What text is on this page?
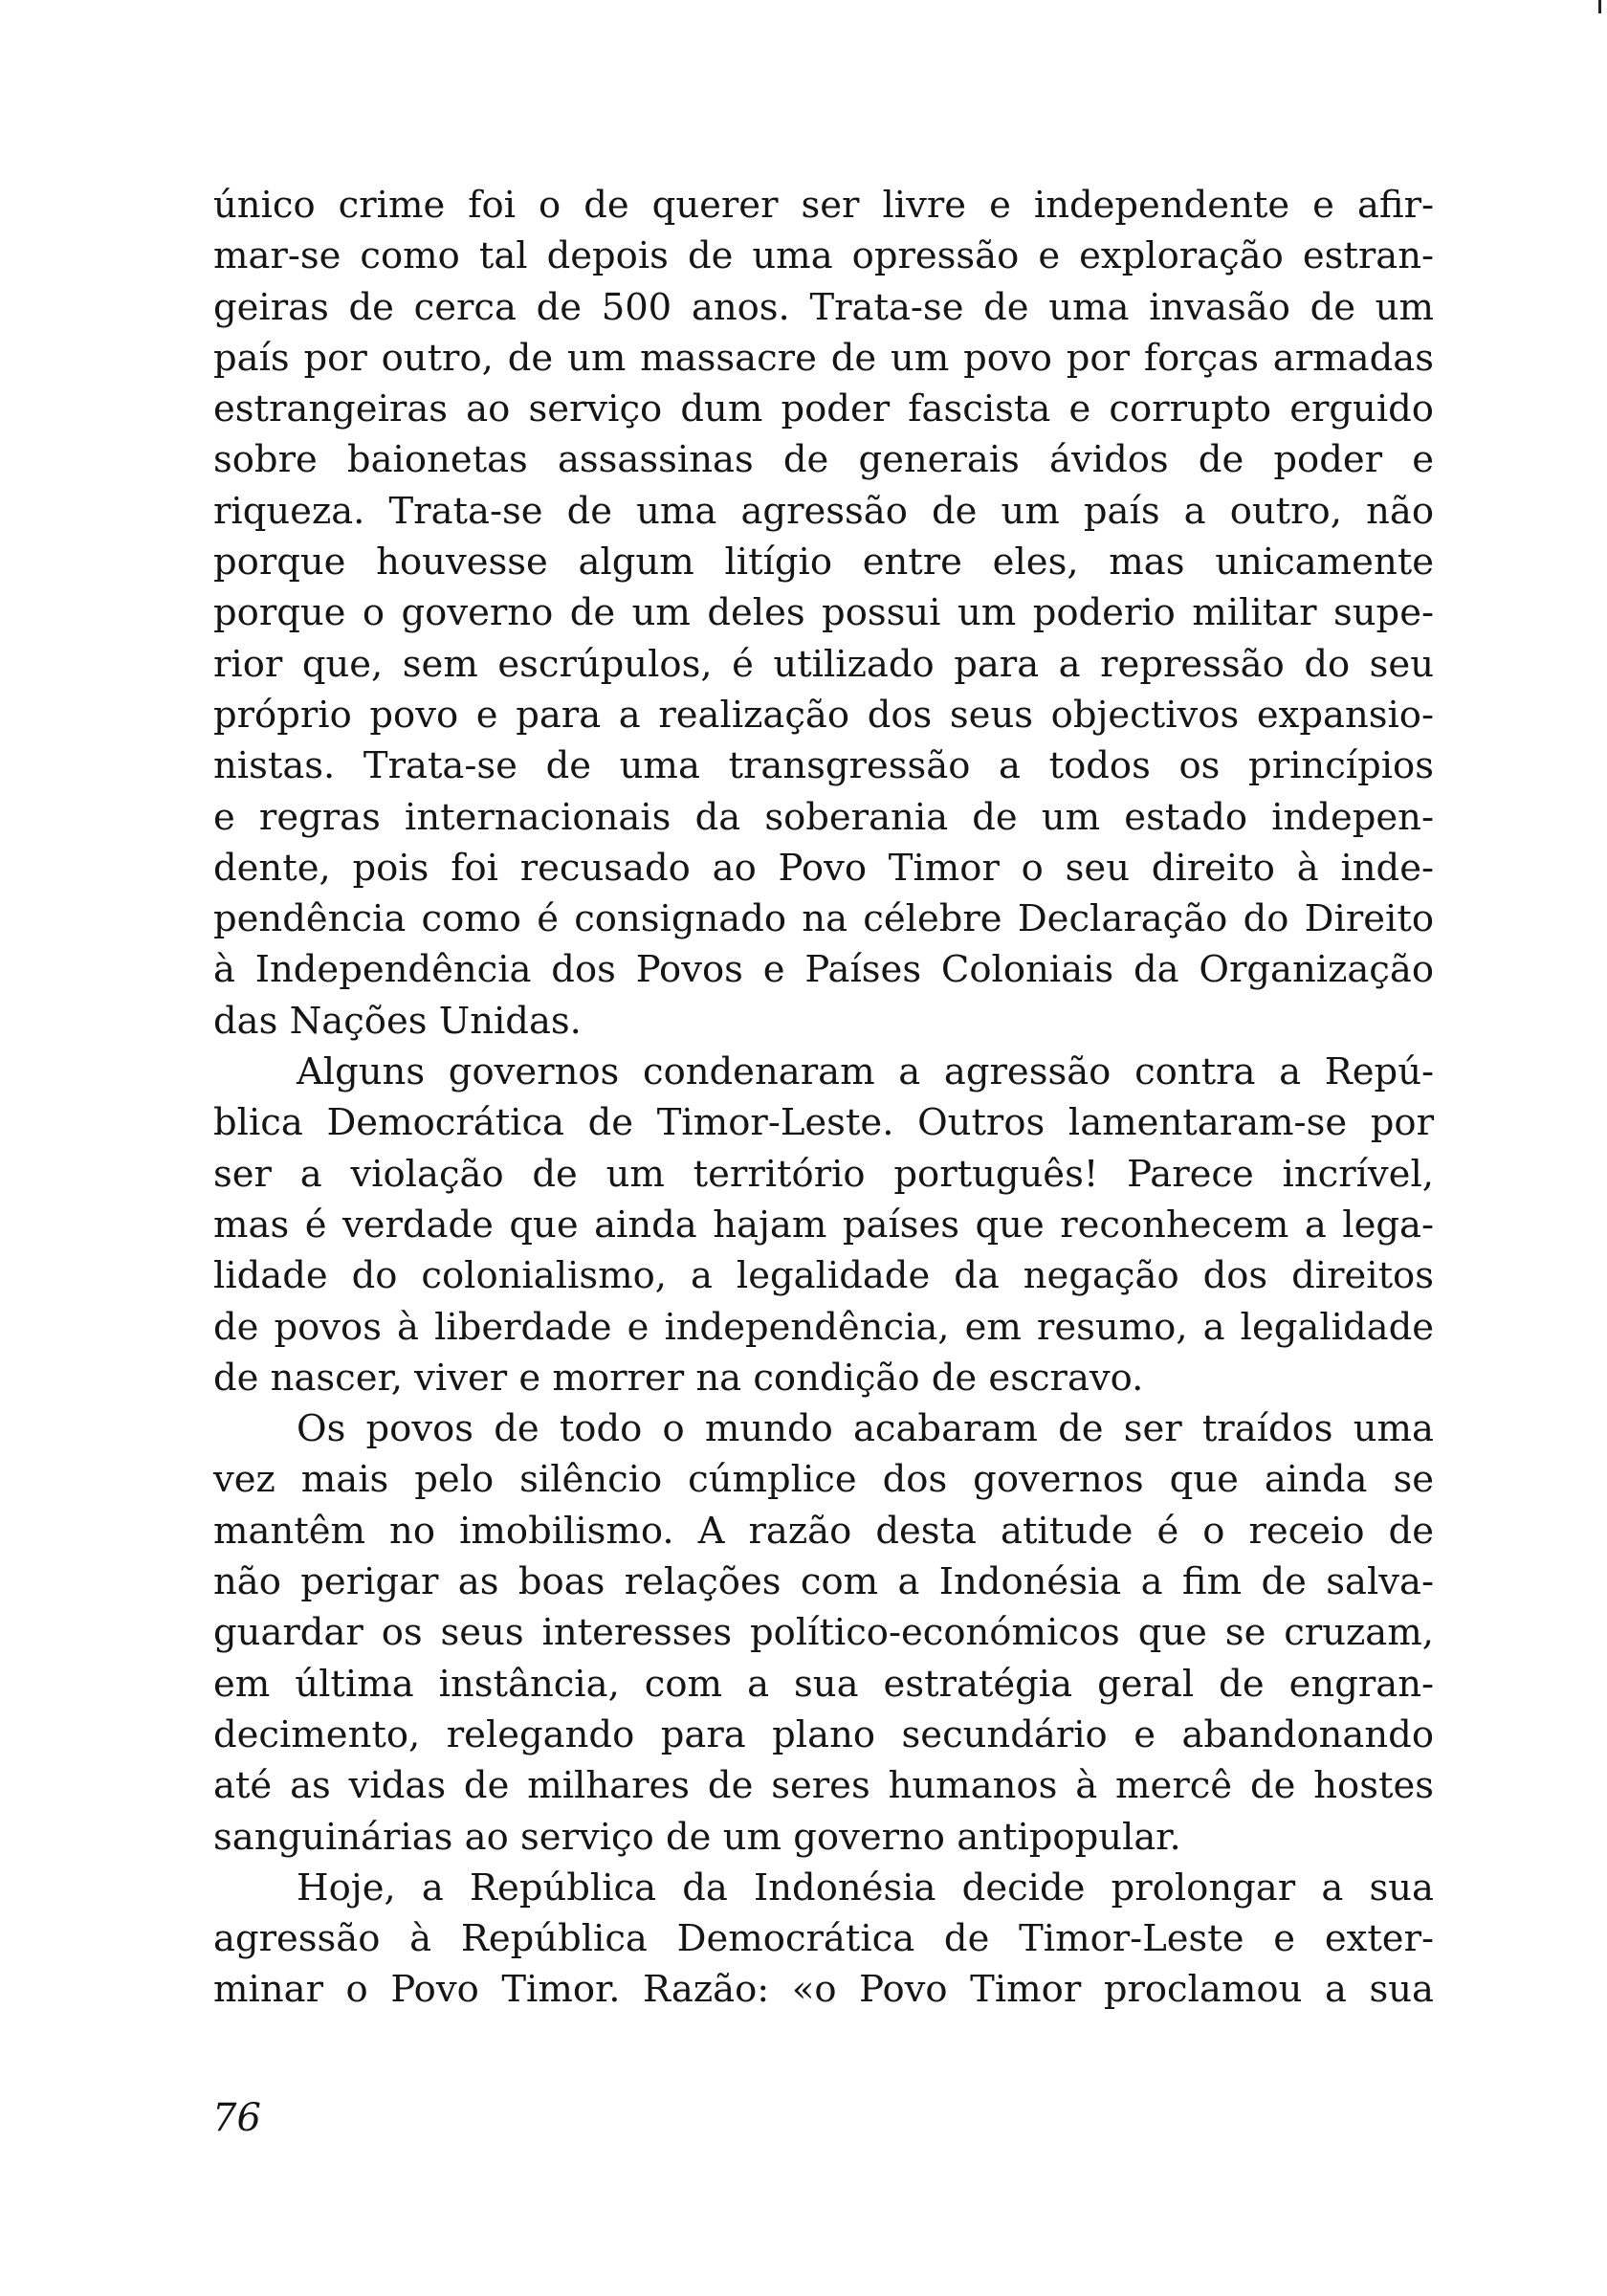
único crime foi o de querer ser livre e independente e afir-
mar-se como tal depois de uma opressão e exploração estran-
geiras de cerca de 500 anos. Trata-se de uma invasão de um
país por outro, de um massacre de um povo por forças armadas
estrangeiras ao serviço dum poder fascista e corrupto erguido
sobre baionetas assassinas de generais ávidos de poder e
riqueza. Trata-se de uma agressão de um país a outro, não
porque houvesse algum litígio entre eles, mas unicamente
porque o governo de um deles possui um poderio militar supe-
rior que, sem escrúpulos, é utilizado para a repressão do seu
próprio povo e para a realização dos seus objectivos expansio-
nistas. Trata-se de uma transgressão a todos os princípios
e regras internacionais da soberania de um estado indepen-
dente, pois foi recusado ao Povo Timor o seu direito à inde-
pendência como é consignado na célebre Declaração do Direito
à Independência dos Povos e Países Coloniais da Organização
das Nações Unidas.
Alguns governos condenaram a agressão contra a Repú-
blica Democrática de Timor-Leste. Outros lamentaram-se por
ser a violação de um território português! Parece incrível,
mas é verdade que ainda hajam países que reconhecem a lega-
lidade do colonialismo, a legalidade da negação dos direitos
de povos à liberdade e independência, em resumo, a legalidade
de nascer, viver e morrer na condição de escravo.
Os povos de todo o mundo acabaram de ser traídos uma
vez mais pelo silêncio cúmplice dos governos que ainda se
mantêm no imobilismo. A razão desta atitude é o receio de
não perigar as boas relações com a Indonésia a fim de salva-
guardar os seus interesses político-económicos que se cruzam,
em última instância, com a sua estratégia geral de engran-
decimento, relegando para plano secundário e abandonando
até as vidas de milhares de seres humanos à mercê de hostes
sanguinárias ao serviço de um governo antipopular.
Hoje, a República da Indonésia decide prolongar a sua
agressão à República Democrática de Timor-Leste e exter-
minar o Povo Timor. Razão: «o Povo Timor proclamou a sua
76
